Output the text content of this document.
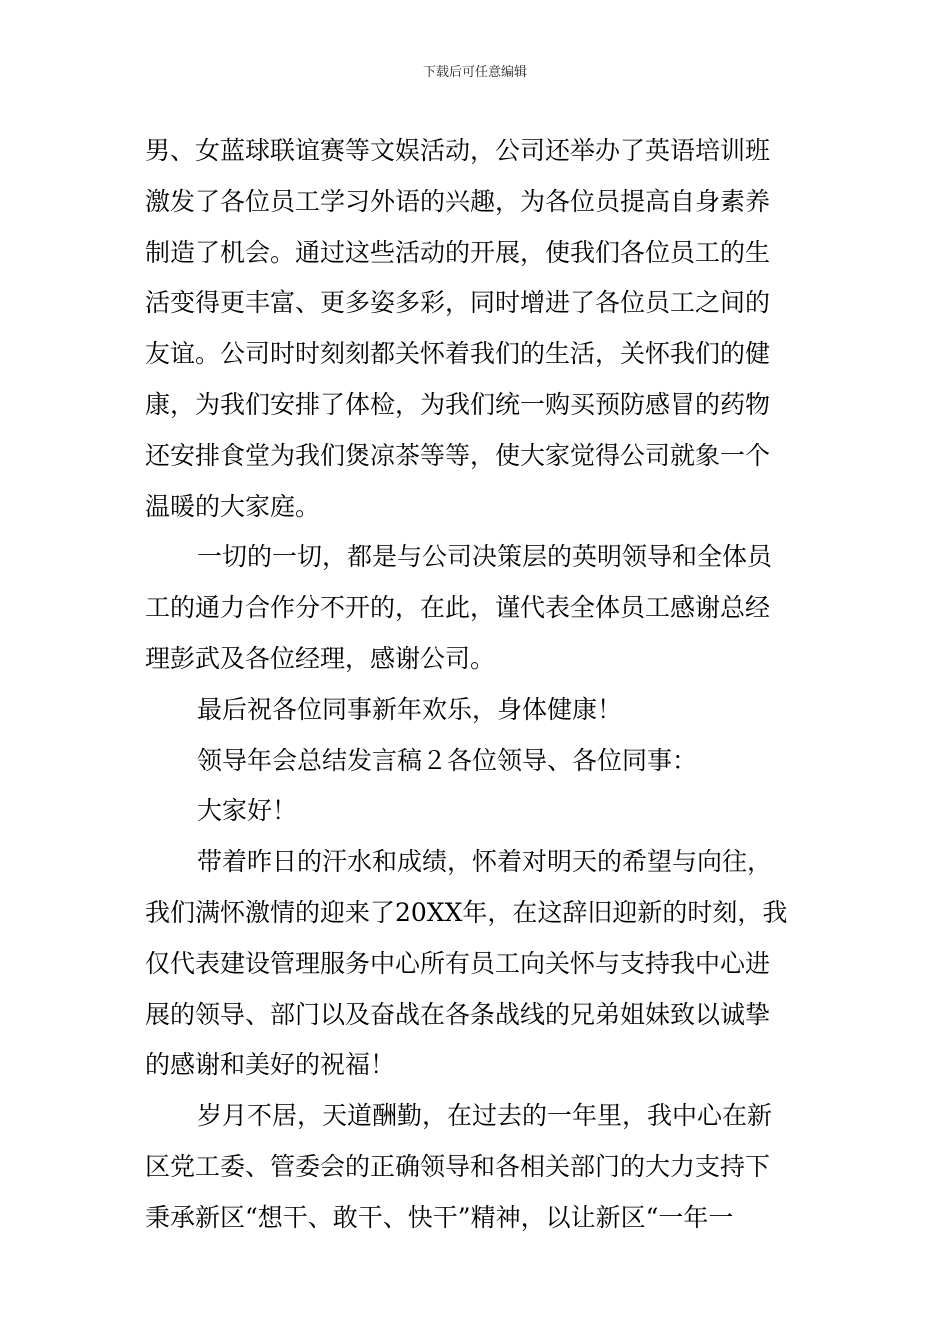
下载后可任意编辑
男、女蓝球联谊赛等文娱活动，公司还举办了英语培训班
激发了各位员工学习外语的兴趣，为各位员提高自身素养
制造了机会。通过这些活动的开展，使我们各位员工的生
活变得更丰富、更多姿多彩，同时增进了各位员工之间的
友谊。公司时时刻刻都关怀着我们的生活，关怀我们的健
康，为我们安排了体检，为我们统一购买预防感冒的药物
还安排食堂为我们煲凉茶等等，使大家觉得公司就象一个
温暖的大家庭。
一切的一切，都是与公司决策层的英明领导和全体员
工的通力合作分不开的，在此，谨代表全体员工感谢总经
理彭武及各位经理，感谢公司。
最后祝各位同事新年欢乐，身体健康！
领导年会总结发言稿２各位领导、各位同事：
大家好！
带着昨日的汗水和成绩，怀着对明天的希望与向往，
我们满怀激情的迎来了20XX年，在这辞旧迎新的时刻，我
仅代表建设管理服务中心所有员工向关怀与支持我中心进
展的领导、部门以及奋战在各条战线的兄弟姐妹致以诚挚
的感谢和美好的祝福！
岁月不居，天道酬勤，在过去的一年里，我中心在新
区党工委、管委会的正确领导和各相关部门的大力支持下
秉承新区“想干、敢干、快干”精神，以让新区“一年一
